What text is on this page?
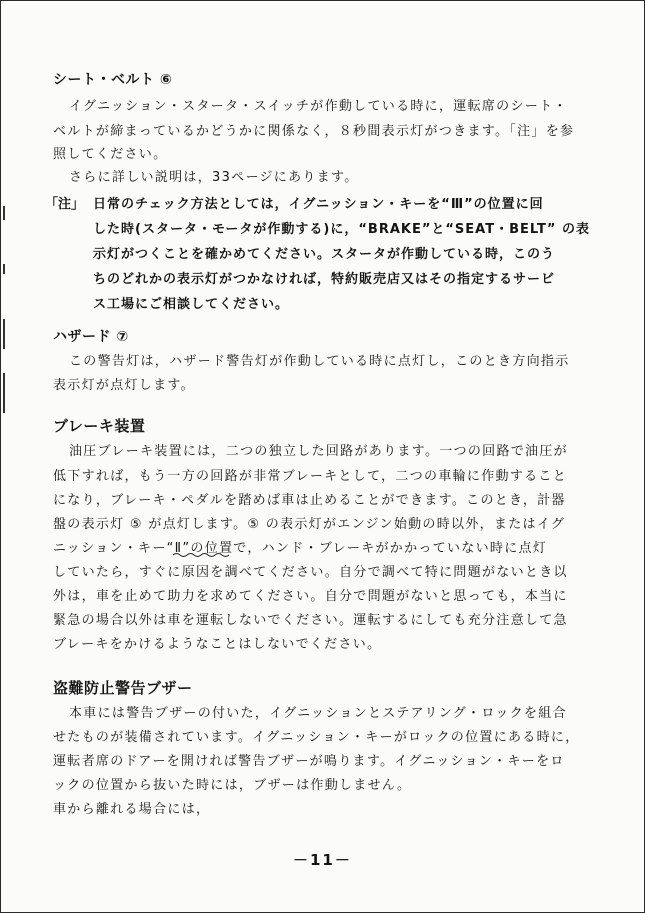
シート・ベルト ⑥
イグニッション・スタータ・スイッチが作動している時に，運転席のシート・
ベルトが締まっているかどうかに関係なく，８秒間表示灯がつきます。「注」を参
照してください。
さらに詳しい説明は，33ページにあります。
「注」 日常のチェック方法としては，イグニッション・キーを“Ⅲ”の位置に回
した時(スタータ・モータが作動する)に，“BRAKE”と“SEAT・BELT” の表
示灯がつくことを確かめてください。スタータが作動している時，このう
ちのどれかの表示灯がつかなければ，特約販売店又はその指定するサービ
ス工場にご相談してください。
ハザード ⑦
この警告灯は，ハザード警告灯が作動している時に点灯し，このとき方向指示
表示灯が点灯します。
ブレーキ装置
油圧ブレーキ装置には，二つの独立した回路があります。一つの回路で油圧が
低下すれば，もう一方の回路が非常ブレーキとして，二つの車輪に作動すること
になり，ブレーキ・ペダルを踏めば車は止めることができます。このとき，計器
盤の表示灯 ⑤ が点灯します。⑤ の表示灯がエンジン始動の時以外，またはイグ
ニッション・キー“Ⅱ”の位置で，ハンド・ブレーキがかかっていない時に点灯
していたら，すぐに原因を調べてください。自分で調べて特に問題がないとき以
外は，車を止めて助力を求めてください。自分で問題がないと思っても，本当に
緊急の場合以外は車を運転しないでください。運転するにしても充分注意して急
ブレーキをかけるようなことはしないでください。
盗難防止警告ブザー
本車には警告ブザーの付いた，イグニッションとステアリング・ロックを組合
せたものが装備されています。イグニッション・キーがロックの位置にある時に，
運転者席のドアーを開ければ警告ブザーが鳴ります。イグニッション・キーをロ
ックの位置から抜いた時には，ブザーは作動しません。
車から離れる場合には，
－11－
